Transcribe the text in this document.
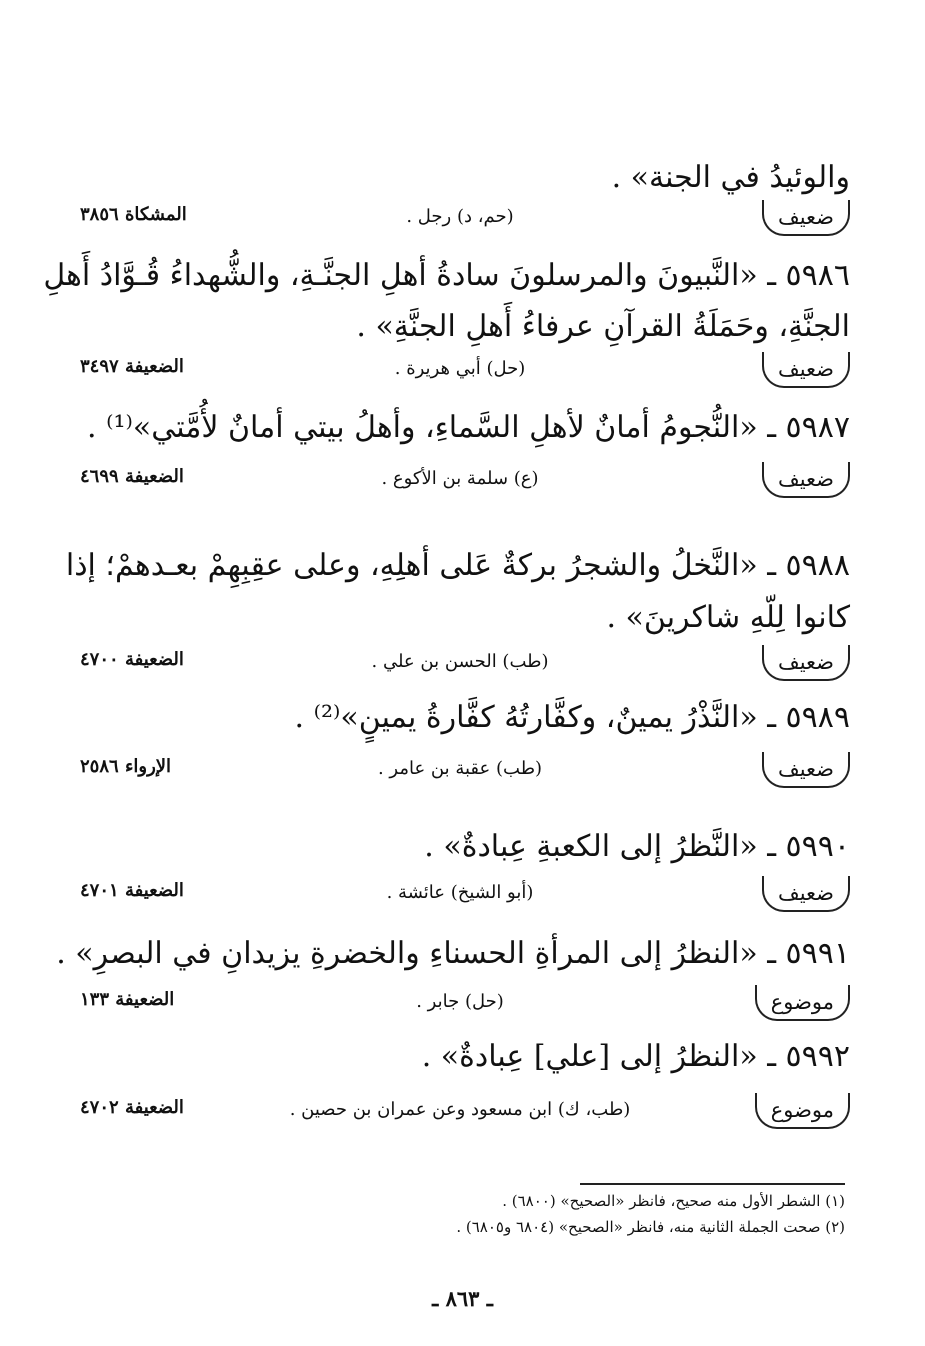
والوئيدُ في الجنة» .
ضعيف
(حم، د) رجل .
المشكاة ٣٨٥٦
٥٩٨٦ ـ «النَّبيونَ والمرسلونَ سادةُ أهلِ الجنَّـةِ، والشُّهداءُ قُـوَّادُ أَهلِ
الجنَّةِ، وحَمَلَةُ القرآنِ عرفاءُ أَهلِ الجنَّةِ» .
ضعيف
(حل) أبي هريرة .
الضعيفة ٣٤٩٧
٥٩٨٧ ـ «النُّجومُ أمانٌ لأهلِ السَّماءِ، وأهلُ بيتي أمانٌ لأُمَّتي»⁽¹⁾ .
ضعيف
(ع) سلمة بن الأكوع .
الضعيفة ٤٦٩٩
٥٩٨٨ ـ «النَّخلُ والشجرُ بركةٌ عَلى أهلِهِ، وعلى عقِبِهِمْ بعـدهمْ؛ إذا
كانوا لِلّهِ شاكرينَ» .
ضعيف
(طب) الحسن بن علي .
الضعيفة ٤٧٠٠
٥٩٨٩ ـ «النَّذْرُ يمينٌ، وكفَّارتُهُ كفَّارةُ يمينٍ»⁽²⁾ .
ضعيف
(طب) عقبة بن عامر .
الإرواء ٢٥٨٦
٥٩٩٠ ـ «النَّظرُ إلى الكعبةِ عِبادةٌ» .
ضعيف
(أبو الشيخ) عائشة .
الضعيفة ٤٧٠١
٥٩٩١ ـ «النظرُ إلى المرأةِ الحسناءِ والخضرةِ يزيدانِ في البصرِ» .
موضوع
(حل) جابر .
الضعيفة ١٣٣
٥٩٩٢ ـ «النظرُ إلى [علي] عِبادةٌ» .
موضوع
(طب، ك) ابن مسعود وعن عمران بن حصين .
الضعيفة ٤٧٠٢
(١) الشطر الأول منه صحيح، فانظر «الصحيح» (٦٨٠٠) .
(٢) صحت الجملة الثانية منه، فانظر «الصحيح» (٦٨٠٤ و٦٨٠٥) .
ـ ٨٦٣ ـ
